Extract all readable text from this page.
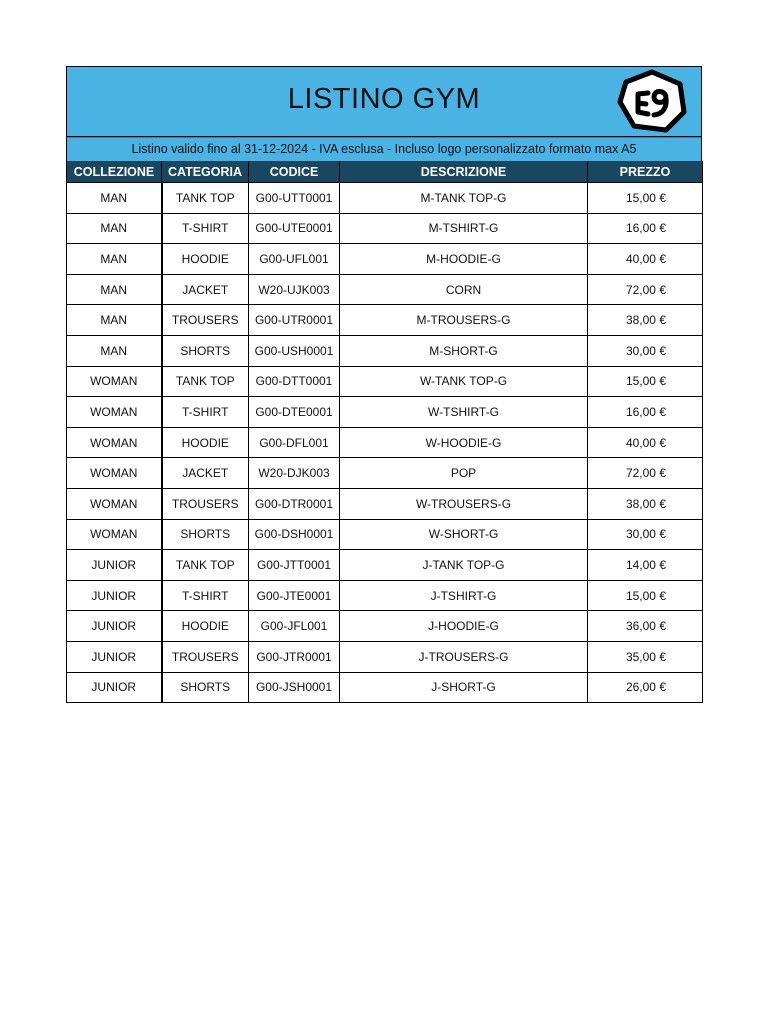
LISTINO GYM
Listino valido fino al 31-12-2024 - IVA esclusa - Incluso logo personalizzato formato max A5
COLLEZIONE	CATEGORIA	CODICE	DESCRIZIONE	PREZZO
MAN	TANK TOP	G00-UTT0001	M-TANK TOP-G	15,00 €
MAN	T-SHIRT	G00-UTE0001	M-TSHIRT-G	16,00 €
MAN	HOODIE	G00-UFL001	M-HOODIE-G	40,00 €
MAN	JACKET	W20-UJK003	CORN	72,00 €
MAN	TROUSERS	G00-UTR0001	M-TROUSERS-G	38,00 €
MAN	SHORTS	G00-USH0001	M-SHORT-G	30,00 €
WOMAN	TANK TOP	G00-DTT0001	W-TANK TOP-G	15,00 €
WOMAN	T-SHIRT	G00-DTE0001	W-TSHIRT-G	16,00 €
WOMAN	HOODIE	G00-DFL001	W-HOODIE-G	40,00 €
WOMAN	JACKET	W20-DJK003	POP	72,00 €
WOMAN	TROUSERS	G00-DTR0001	W-TROUSERS-G	38,00 €
WOMAN	SHORTS	G00-DSH0001	W-SHORT-G	30,00 €
JUNIOR	TANK TOP	G00-JTT0001	J-TANK TOP-G	14,00 €
JUNIOR	T-SHIRT	G00-JTE0001	J-TSHIRT-G	15,00 €
JUNIOR	HOODIE	G00-JFL001	J-HOODIE-G	36,00 €
JUNIOR	TROUSERS	G00-JTR0001	J-TROUSERS-G	35,00 €
JUNIOR	SHORTS	G00-JSH0001	J-SHORT-G	26,00 €
